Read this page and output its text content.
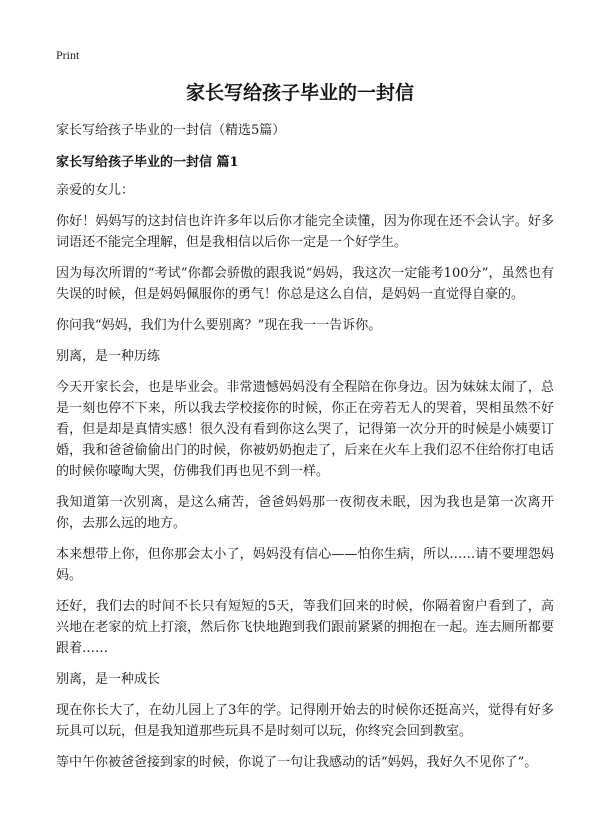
Print
家长写给孩子毕业的一封信
家长写给孩子毕业的一封信（精选5篇）
家长写给孩子毕业的一封信 篇1

亲爱的女儿：

你好！妈妈写的这封信也许许多年以后你才能完全读懂，因为你现在还不会认字。好多词语还不能完全理解，但是我相信以后你一定是一个好学生。

因为每次所谓的“考试”你都会骄傲的跟我说“妈妈，我这次一定能考100分”，虽然也有失误的时候，但是妈妈佩服你的勇气！你总是这么自信，是妈妈一直觉得自豪的。

你问我“妈妈，我们为什么要别离？”现在我一一告诉你。

别离，是一种历练

今天开家长会，也是毕业会。非常遗憾妈妈没有全程陪在你身边。因为妹妹太闹了，总是一刻也停不下来，所以我去学校接你的时候，你正在旁若无人的哭着，哭相虽然不好看，但是却是真情实感！很久没有看到你这么哭了，记得第一次分开的时候是小姨要订婚，我和爸爸偷偷出门的时候，你被奶奶抱走了，后来在火车上我们忍不住给你打电话的时候你嚎啕大哭，仿佛我们再也见不到一样。

我知道第一次别离，是这么痛苦，爸爸妈妈那一夜彻夜未眠，因为我也是第一次离开你，去那么远的地方。

本来想带上你，但你那会太小了，妈妈没有信心——怕你生病，所以……请不要埋怨妈妈。

还好，我们去的时间不长只有短短的5天，等我们回来的时候，你隔着窗户看到了，高兴地在老家的炕上打滚，然后你飞快地跑到我们跟前紧紧的拥抱在一起。连去厕所都要跟着……

别离，是一种成长

现在你长大了，在幼儿园上了3年的学。记得刚开始去的时候你还挺高兴，觉得有好多玩具可以玩，但是我知道那些玩具不是时刻可以玩，你终究会回到教室。

等中午你被爸爸接到家的时候，你说了一句让我感动的话“妈妈，我好久不见你了”。
